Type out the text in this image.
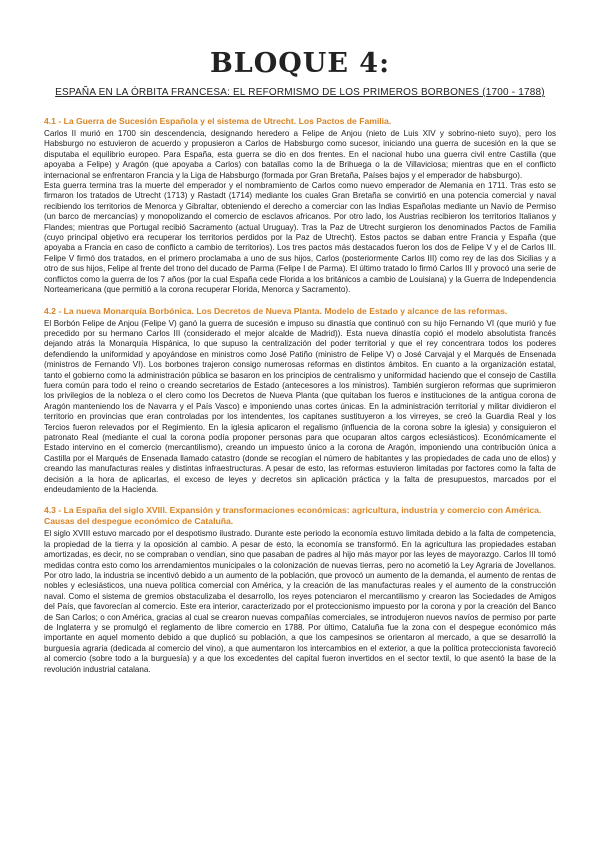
BLOQUE 4:
ESPAÑA EN LA ÓRBITA FRANCESA: EL REFORMISMO DE LOS PRIMEROS BORBONES (1700 - 1788)
4.1 - La Guerra de Sucesión Española y el sistema de Utrecht. Los Pactos de Familia.

Carlos II murió en 1700 sin descendencia, designando heredero a Felipe de Anjou (nieto de Luis XIV y sobrino-nieto suyo), pero los Habsburgo no estuvieron de acuerdo y propusieron a Carlos de Habsburgo como sucesor, iniciando una guerra de sucesión en la que se disputaba el equilibrio europeo. Para España, esta guerra se dio en dos frentes. En el nacional hubo una guerra civil entre Castilla (que apoyaba a Felipe) y Aragón (que apoyaba a Carlos) con batallas como la de Brihuega o la de Villaviciosa; mientras que en el conflicto internacional se enfrentaron Francia y la Liga de Habsburgo (formada por Gran Bretaña, Países bajos y el emperador de habsburgo).

Esta guerra termina tras la muerte del emperador y el nombramiento de Carlos como nuevo emperador de Alemania en 1711. Tras esto se firmaron los tratados de Utrecht (1713) y Rastadt (1714) mediante los cuales Gran Bretaña se convirtió en una potencia comercial y naval recibiendo los territorios de Menorca y Gibraltar, obteniendo el derecho a comerciar con las Indias Españolas mediante un Navío de Permiso (un barco de mercancías) y monopolizando el comercio de esclavos africanos. Por otro lado, los Austrias recibieron los territorios Italianos y Flandes; mientras que Portugal recibió Sacramento (actual Uruguay). Tras la Paz de Utrecht surgieron los denominados Pactos de Familia (cuyo principal objetivo era recuperar los territorios perdidos por la Paz de Utrecht). Estos pactos se daban entre Francia y España (que apoyaba a Francia en caso de conflicto a cambio de territorios). Los tres pactos más destacados fueron los dos de Felipe V y el de Carlos III. Felipe V firmó dos tratados, en el primero proclamaba a uno de sus hijos, Carlos (posteriormente Carlos III) como rey de las dos Sicilias y a otro de sus hijos, Felipe al frente del trono del ducado de Parma (Felipe I de Parma). El último tratado lo firmó Carlos III y provocó una serie de conflictos como la guerra de los 7 años (por la cual España cede Florida a los británicos a cambio de Louisiana) y la Guerra de Independencia Norteamericana (que permitió a la corona recuperar Florida, Menorca y Sacramento).

4.2 - La nueva Monarquía Borbónica. Los Decretos de Nueva Planta. Modelo de Estado y alcance de las reformas.

El Borbón Felipe de Anjou (Felipe V) ganó la guerra de sucesión e impuso su dinastía que continuó con su hijo Fernando VI (que murió y fue precedido por su hermano Carlos III (considerado el mejor alcalde de Madrid)). Esta nueva dinastía copió el modelo absolutista francés dejando atrás la Monarquía Hispánica, lo que supuso la centralización del poder territorial y que el rey concentrara todos los poderes defendiendo la uniformidad y apoyándose en ministros como José Patiño (ministro de Felipe V) o José Carvajal y el Marqués de Ensenada (ministros de Fernando VI). Los borbones trajeron consigo numerosas reformas en distintos ámbitos. En cuanto a la organización estatal, tanto el gobierno como la administración pública se basaron en los principios de centralismo y uniformidad haciendo que el consejo de Castilla fuera común para todo el reino o creando secretarios de Estado (antecesores a los ministros). También surgieron reformas que suprimieron los privilegios de la nobleza o el clero como los Decretos de Nueva Planta (que quitaban los fueros e instituciones de la antigua corona de Aragón manteniendo los de Navarra y el País Vasco) e imponiendo unas cortes únicas. En la administración territorial y militar dividieron el territorio en provincias que eran controladas por los intendentes, los capitanes sustituyeron a los virreyes, se creó la Guardia Real y los Tercios fueron relevados por el Regimiento. En la iglesia aplicaron el regalismo (influencia de la corona sobre la iglesia) y consiguieron el patronato Real (mediante el cual la corona podía proponer personas para que ocuparan altos cargos eclesiásticos). Económicamente el Estado intervino en el comercio (mercantilismo), creando un impuesto único a la corona de Aragón, imponiendo una contribución única a Castilla por el Marqués de Ensenada llamado catastro (donde se recogían el número de habitantes y las propiedades de cada uno de ellos) y creando las manufacturas reales y distintas infraestructuras. A pesar de esto, las reformas estuvieron limitadas por factores como la falta de decisión a la hora de aplicarlas, el exceso de leyes y decretos sin aplicación práctica y la falta de presupuestos, marcados por el endeudamiento de la Hacienda.

4.3 - La España del siglo XVIII. Expansión y transformaciones económicas: agricultura, industria y comercio con América. Causas del despegue económico de Cataluña.

El siglo XVIII estuvo marcado por el despotismo ilustrado. Durante este periodo la economía estuvo limitada debido a la falta de competencia, la propiedad de la tierra y la oposición al cambio. A pesar de esto, la economía se transformó. En la agricultura las propiedades estaban amortizadas, es decir, no se compraban o vendían, sino que pasaban de padres al hijo más mayor por las leyes de mayorazgo. Carlos III tomó medidas contra esto como los arrendamientos municipales o la colonización de nuevas tierras, pero no acometió la Ley Agraria de Jovellanos. Por otro lado, la industria se incentivó debido a un aumento de la población, que provocó un aumento de la demanda, el aumento de rentas de nobles y eclesiásticos, una nueva política comercial con América, y la creación de las manufacturas reales y el aumento de la construcción naval. Como el sistema de gremios obstaculizaba el desarrollo, los reyes potenciaron el mercantilismo y crearon las Sociedades de Amigos del País, que favorecían al comercio. Este era interior, caracterizado por el proteccionismo impuesto por la corona y por la creación del Banco de San Carlos; o con América, gracias al cual se crearon nuevas compañías comerciales, se introdujeron nuevos navíos de permiso por parte de Inglaterra y se promulgó el reglamento de libre comercio en 1788. Por último, Cataluña fue la zona con el despegue económico más importante en aquel momento debido a que duplicó su población, a que los campesinos se orientaron al mercado, a que se desarrolló la burguesía agraria (dedicada al comercio del vino), a que aumentaron los intercambios en el exterior, a que la política proteccionista favoreció al comercio (sobre todo a la burguesía) y a que los excedentes del capital fueron invertidos en el sector textil, lo que asentó la base de la revolución industrial catalana.
